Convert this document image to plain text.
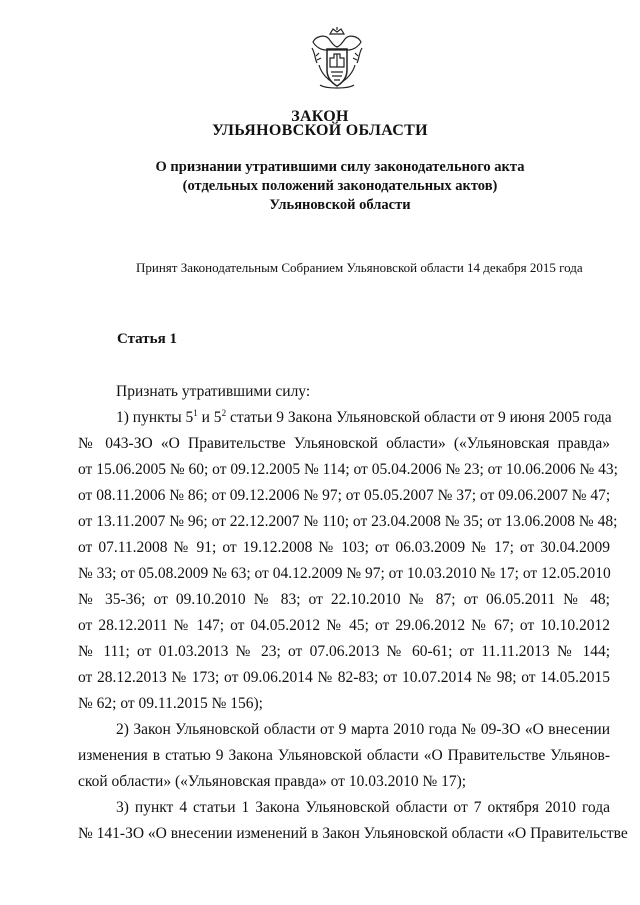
ЗАКОН
УЛЬЯНОВСКОЙ ОБЛАСТИ
О признании утратившими силу законодательного акта
(отдельных положений законодательных актов)
Ульяновской области
Принят Законодательным Собранием Ульяновской области 14 декабря 2015 года
Статья 1
Признать утратившими силу:
1) пункты $5^1$ и $5^2$ статьи 9 Закона Ульяновской области от 9 июня 2005 года
№ 043-ЗО «О Правительстве Ульяновской области» («Ульяновская правда»
от 15.06.2005 № 60; от 09.12.2005 № 114; от 05.04.2006 № 23; от 10.06.2006 № 43;
от 08.11.2006 № 86; от 09.12.2006 № 97; от 05.05.2007 № 37; от 09.06.2007 № 47;
от 13.11.2007 № 96; от 22.12.2007 № 110; от 23.04.2008 № 35; от 13.06.2008 № 48;
от 07.11.2008 № 91; от 19.12.2008 № 103; от 06.03.2009 № 17; от 30.04.2009
№ 33; от 05.08.2009 № 63; от 04.12.2009 № 97; от 10.03.2010 № 17; от 12.05.2010
№ 35-36; от 09.10.2010 № 83; от 22.10.2010 № 87; от 06.05.2011 № 48;
от 28.12.2011 № 147; от 04.05.2012 № 45; от 29.06.2012 № 67; от 10.10.2012
№ 111; от 01.03.2013 № 23; от 07.06.2013 № 60-61; от 11.11.2013 № 144;
от 28.12.2013 № 173; от 09.06.2014 № 82-83; от 10.07.2014 № 98; от 14.05.2015
№ 62; от 09.11.2015 № 156);
2) Закон Ульяновской области от 9 марта 2010 года № 09-ЗО «О внесении
изменения в статью 9 Закона Ульяновской области «О Правительстве Ульянов-
ской области» («Ульяновская правда» от 10.03.2010 № 17);
3) пункт 4 статьи 1 Закона Ульяновской области от 7 октября 2010 года
№ 141-ЗО «О внесении изменений в Закон Ульяновской области «О Правительстве
